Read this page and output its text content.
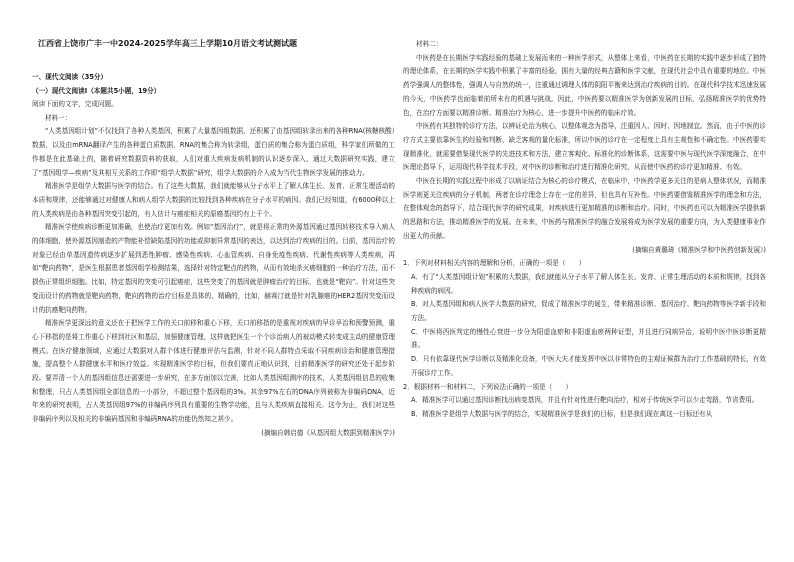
江西省上饶市广丰一中2024-2025学年高三上学期10月语文考试测试题
一、现代文阅读（35分）
（一）现代文阅读Ⅰ（本题共5小题，19分）

阅读下面的文字，完成问题。

材料一：

“人类基因组计划”不仅找到了各种人类基因，积累了大量基因组数据，还积累了由基因组转录出来的各种RNA(核糖核酸）数据，以及由mRNA翻译产生的各种蛋白质数据，RNA的集合称为转录组，蛋白质的集合称为蛋白质组，科学家们所做的工作都是在此基础上的，随着研究数据资料的获取，人们对重大疾病发病机制的认识逐步深入，通过大数据研究实践，建立了“基因组学—疾病”及其相互关系的工作即“组学大数据”研究，组学大数据的介入成为当代生物医学发展的推动力。

精准医学是组学大数据与医学的结合。有了这些大数据，我们就能够从分子水平上了解人体生长、发育、正常生理活动的本质和规律，还能够通过对健康人和病人组学大数据的比较找到各种疾病在分子水平的病因。我们已经知道，有6000种以上的人类疾病是由各种基因突变引起的，有人估计与癌症相关的原癌基因约有上千个。

精准医学使疾病诊断更加准确，也使治疗更加有效。例如“基因治疗”，就是将正常的外源基因通过基因转移技术导入病人的体细胞，使外源基因制造的产物能补偿缺陷基因的功能或抑制异常基因的表达，以达到治疗疾病的目的。目前，基因治疗的对象已经由单基因遗传病逐步扩展到恶性肿瘤、感染性疾病、心血管疾病、自身免疫性疾病、代谢性疾病等人类疾病，再如“靶向药物”，是医生根据患者基因组学检测结果，选择针对特定靶点的药物，从而有效地杀灭癌细胞的一种治疗方法，而不损伤正常组织细胞。比如，特定基因的突变可引起癌症，这些突变了的基因就是肿瘤治疗的目标，也就是“靶向”。针对这些突变而设计的药物就是靶向药物，靶向药物的治疗目标是具体的、精确的，比如，赫赛汀就是针对乳腺癌的HER2基因突变而设计的抗癌靶向药物。

精准医学更深远的意义还在于把医学工作的关口前移和重心下移，关口前移指的是重视对疾病的早诊早治和预警预测，重心下移指的是将工作重心下移到社区和基层，加强健康管理，这样就把医生一个个诊治病人的被动模式转变成主动的健康管理模式。在医疗健康领域，应通过大数据对人群个体进行健康评估与监测，针对不同人群特点采取不同疾病诊治和健康管理措施，提高整个人群健康水平和医疗效益。实现精准医学的目标，但我们要真正地认识到，目前精准医学的研究还处于起步阶段。要弄清一个人的基因组信息还需要进一步研究，在多方面加以完善，比如人类基因组测序的技术，人类基因组信息的收集和整理，只占人类基因组全部信息的一小部分，不超过整个基因组的3%。其余97%左右的DNA序列被称为非编码DNA，近年来的研究表明，占人类基因组97%的非编码序列具有重要的生物学功能，且与人类疾病直接相关。这令为止，我们对这些非编码序列以及相关的非编码基因和非编码RNA的功能仍然知之甚少。

(摘编自韩启德《从基因组大数据到精准医学》)

材料二：

中医药是在长期医学实践经验的基础上发展而来的一种医学形式，从整体上来看，中医药在长期的实践中逐步形成了独特的理论体系，在长期的医学实践中积累了丰富的经验，拥有大量的经典古籍和医学文献，在现代社会中具有重要的地位。中医药学强调人的整体性，强调人与自然的统一，注重通过调理人体的阴阳平衡来达到治疗疾病的目的。在现代科学技术迅速发展的今天，中医药学也面临着前所未有的机遇与挑战。因此，中医药要以精准医学为创新发展的目标，弘扬精准医学的优势特色，在治疗方面要以精准诊断、精准治疗为核心，进一步提升中医药的临床疗效。

中医药有其独特的诊疗方法，以辨证论治为核心，以整体观念为指导，注重因人、因时、因地制宜。然而，由于中医的诊疗方式主要依靠医生的经验和判断，缺乏客观的量化标准，所以中医的诊疗在一定程度上具有主观性和不确定性。中医药要实现精准化，就需要借鉴现代医学的先进技术和方法，建立客观化、标准化的诊断体系，这需要中医与现代医学深度融合，在中医理论指导下，运用现代科学技术手段，对中医的诊断和治疗进行精准化研究，从而使中医药的诊疗更加精准、有效。

中医在长期的实践过程中形成了以病证结合为核心的诊疗模式，在临床中，中医药学更多关注的是病人整体状况，而精准医学则更关注疾病的分子机制，两者在诊疗理念上存在一定的差异，但也具有互补性。中医药要借鉴精准医学的理念和方法，在整体观念的指导下，结合现代医学的研究成果，对疾病进行更加精准的诊断和治疗。同时，中医药也可以为精准医学提供新的思路和方法，推动精准医学的发展。在未来，中医药与精准医学的融合发展将成为医学发展的重要方向，为人类健康事业作出更大的贡献。

(摘编自黄璐琦《精准医学和中医药创新发展》)
1．下列对材料相关内容的理解和分析，正确的一项是（　　）
A．有了“人类基因组计划”积累的大数据，我们就能从分子水平了解人体生长、发育、正常生理活动的本质和规律，找到各种疾病的病因。
B．对人类基因组和病人医学大数据的研究，促成了精准医学的诞生，带来精准诊断、基因治疗、靶向药物等医学新手段和方法。
C．中医将西医判定的慢性心衰进一步分为阳虚血瘀和非阳虚血瘀两种证型，并且进行同病异治，说明中医中医诊断更精准。
D．只有依靠现代医学诊断以及精准化设备，中医大夫才能发挥中医以非常特色的主观证候群为治疗工作基础的特长，有效开展诊疗工作。
2．根据材料一和材料二，下列说法正确的一项是（　　）
A．精准医学可以通过基因诊断找出病变基因，并且有针对性进行靶向治疗，相对于传统医学可以少走弯路，节省费用。
B．精准医学是组学大数据与医学的结合，实现精准医学是我们的目标，但是我们现在离这一目标还有从
